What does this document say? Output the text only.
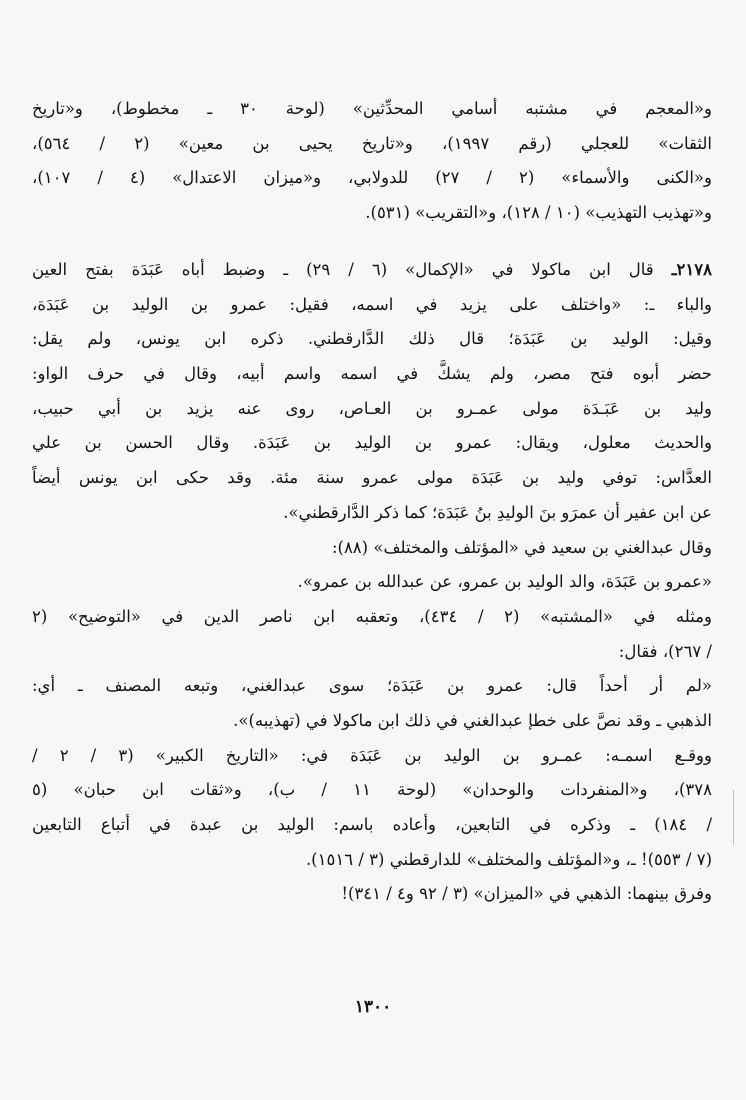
و«المعجم في مشتبه أسامي المحدِّثين» (لوحة ٣٠ ـ مخطوط)، و«تاريخ
الثقات» للعجلي (رقم ١٩٩٧)، و«تاريخ يحيى بن معين» (٢ / ٥٦٤)،
و«الكنى والأسماء» (٢ / ٢٧) للدولابي، و«ميزان الاعتدال» (٤ / ١٠٧)،
و«تهذيب التهذيب» (١٠ / ١٢٨)، و«التقريب» (٥٣١).
٢١٧٨ـ قال ابن ماكولا في «الإكمال» (٦ / ٢٩) ـ وضبط أباه عَبَدَة بفتح العين
والباء ـ: «واختلف على يزيد في اسمه، فقيل: عمرو بن الوليد بن عَبَدَة،
وقيل: الوليد بن عَبَدَة؛ قال ذلك الدَّارقطني. ذكره ابن يونس، ولم يقل:
حضر أبوه فتح مصر، ولم يشكَّ في اسمه واسم أبيه، وقال في حرف الواو:
وليد بن عَبَـدَة مولى عمـرو بن العـاص، روى عنه يزيد بن أبي حبيب،
والحديث معلول، ويقال: عمرو بن الوليد بن عَبَدَة. وقال الحسن بن علي
العدَّاس: توفي وليد بن عَبَدَة مولى عمرو سنة مئة. وقد حكى ابن يونس أيضاً
عن ابن عفير أن عمرَو بنَ الوليدِ بنُ عَبَدَة؛ كما ذكر الدَّارقطني».
وقال عبدالغني بن سعيد في «المؤتلف والمختلف» (٨٨):
«عمرو بن عَبَدَة، والد الوليد بن عمرو، عن عبدالله بن عمرو».
ومثله في «المشتبه» (٢ / ٤٣٤)، وتعقبه ابن ناصر الدين في «التوضيح» (٢
/ ٢٦٧)، فقال:
«لم أر أحداً قال: عمرو بن عَبَدَة؛ سوى عبدالغني، وتبعه المصنف ـ أي:
الذهبي ـ وقد نصَّ على خطإ عبدالغني في ذلك ابن ماكولا في (تهذيبه)».
ووقـع اسمـه: عمـرو بن الوليد بن عَبَدَة في: «التاريخ الكبير» (٣ / ٢ /
٣٧٨)، و«المنفردات والوحدان» (لوحة ١١ / ب)، و«ثقات ابن حبان» (٥
/ ١٨٤) ـ وذكره في التابعين، وأعاده باسم: الوليد بن عبدة في أتباع التابعين
(٧ / ٥٥٣)! ـ، و«المؤتلف والمختلف» للدارقطني (٣ / ١٥١٦).
وفرق بينهما: الذهبي في «الميزان» (٣ / ٩٢ و٤ / ٣٤١)!
١٣٠٠
